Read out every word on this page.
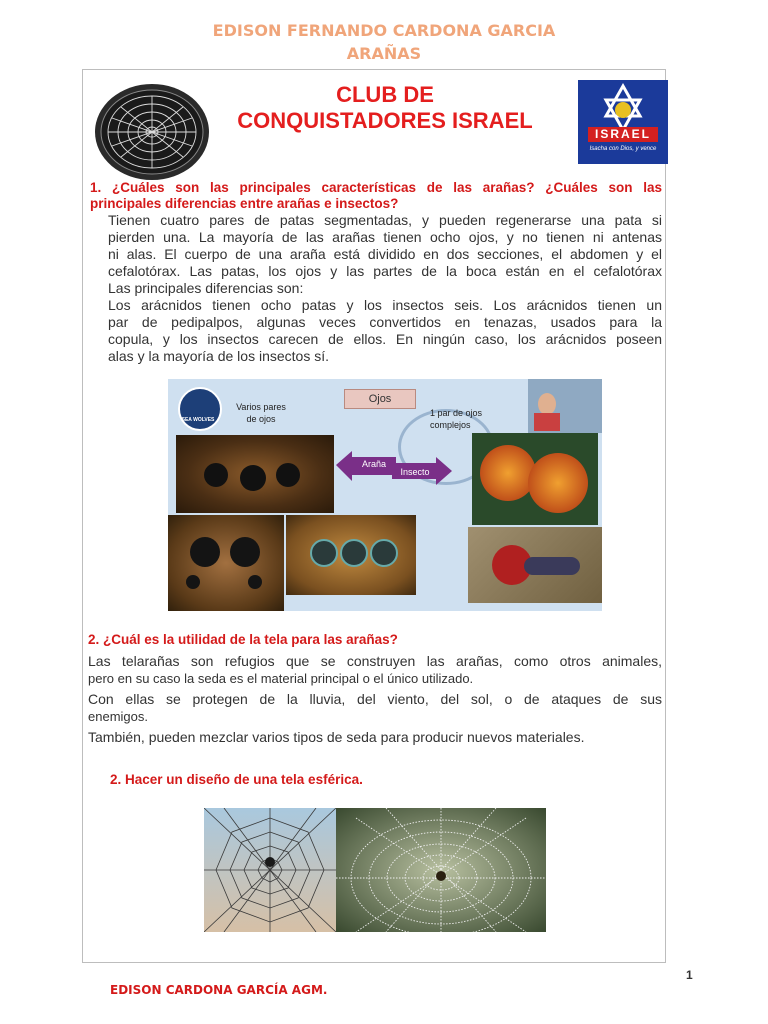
EDISON FERNANDO CARDONA GARCIA
ARAÑAS
CLUB DE
CONQUISTADORES ISRAEL
ISRAEL
Isacha con Dios, y vence
1. ¿Cuáles son las principales características de las arañas? ¿Cuáles son las
principales diferencias entre arañas e insectos?
Tienen cuatro pares de patas segmentadas, y pueden regenerarse una pata si
pierden una. La mayoría de las arañas tienen ocho ojos, y no tienen ni antenas
ni alas. El cuerpo de una araña está dividido en dos secciones, el abdomen y el
cefalotórax. Las patas, los ojos y las partes de la boca están en el cefalotórax
Las principales diferencias son:
Los arácnidos tienen ocho patas y los insectos seis. Los arácnidos tienen un
par de pedipalpos, algunas veces convertidos en tenazas, usados para la
copula, y los insectos carecen de ellos. En ningún caso, los arácnidos poseen
alas y la mayoría de los insectos sí.
SEA WOLVES
Varios pares
de ojos
Ojos
1 par de ojos
complejos
Araña
Insecto
2. ¿Cuál es la utilidad de la tela para las arañas?
Las telarañas son refugios que se construyen las arañas, como otros animales,
pero en su caso la seda es el material principal o el único utilizado.
Con ellas se protegen de la lluvia, del viento, del sol, o de ataques de sus
enemigos.
También, pueden mezclar varios tipos de seda para producir nuevos materiales.
2. Hacer un diseño de una tela esférica.
1
EDISON CARDONA GARCÍA AGM.
